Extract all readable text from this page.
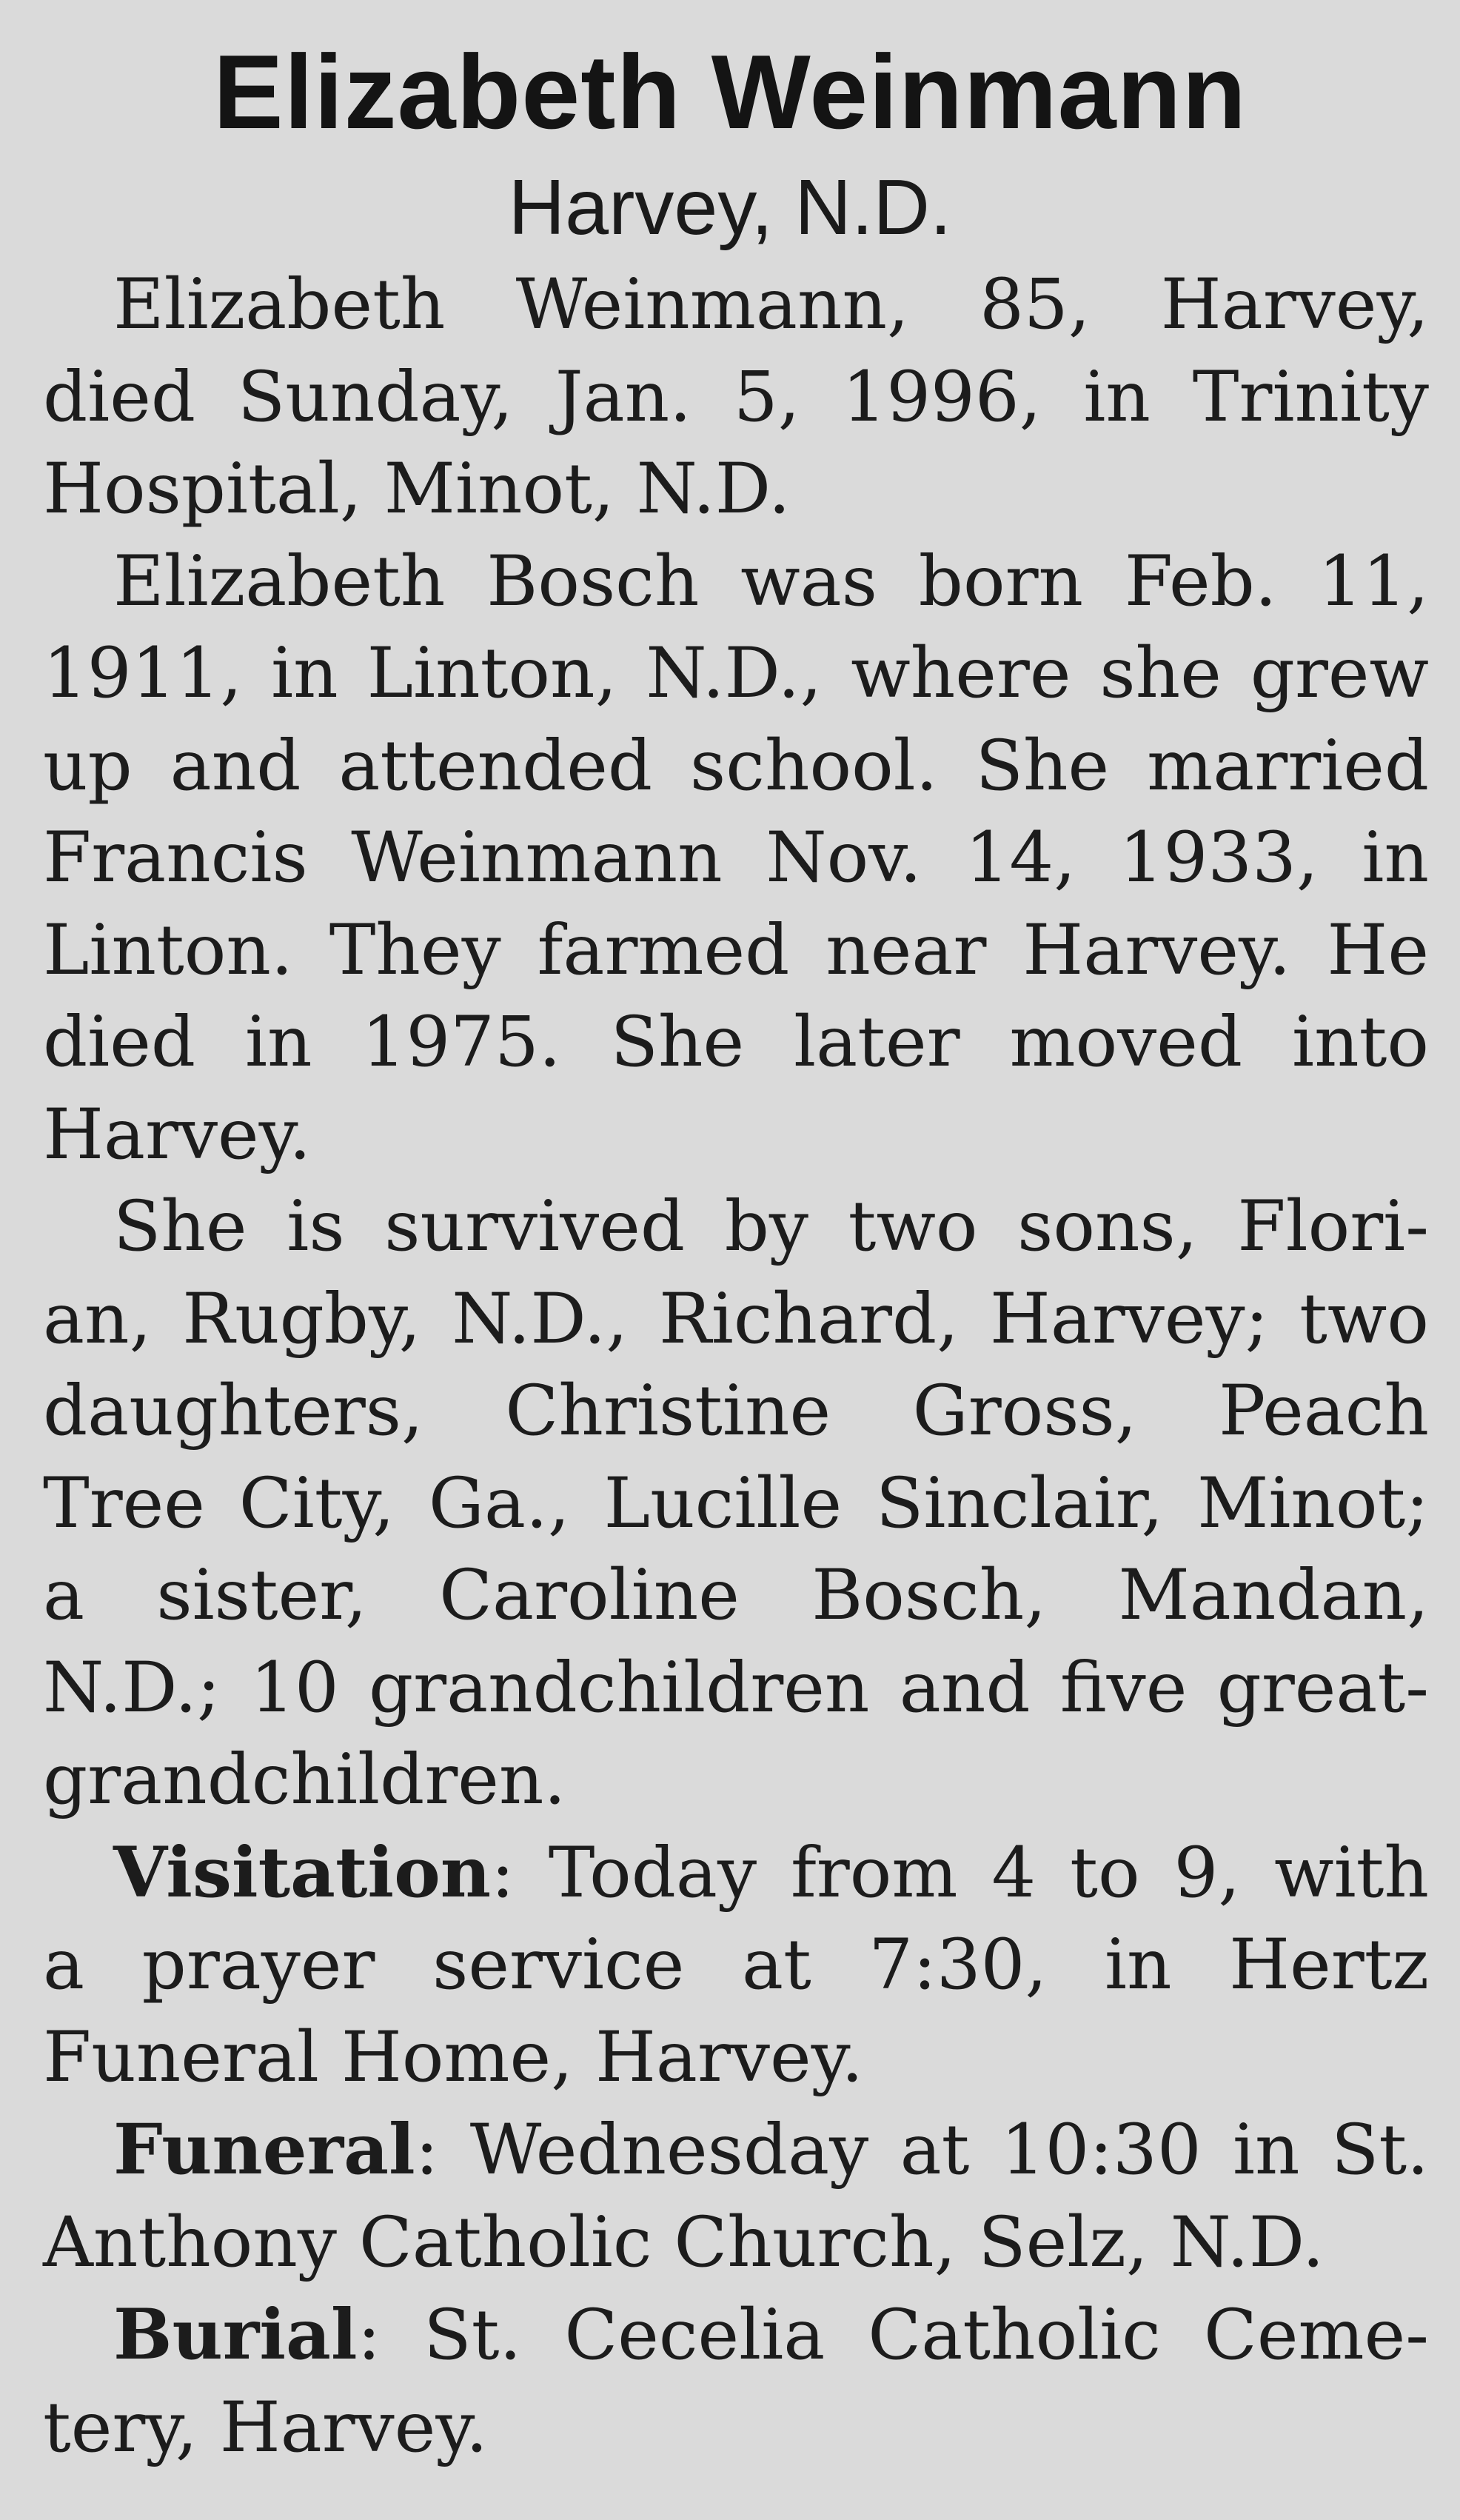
Elizabeth Weinmann
Harvey, N.D.

Elizabeth Weinmann, 85, Harvey,
died Sunday, Jan. 5, 1996, in Trinity
Hospital, Minot, N.D.

Elizabeth Bosch was born Feb. 11,
1911, in Linton, N.D., where she grew
up and attended school. She married
Francis Weinmann Nov. 14, 1933, in
Linton. They farmed near Harvey. He
died in 1975. She later moved into
Harvey.

She is survived by two sons, Flori-
an, Rugby, N.D., Richard, Harvey; two
daughters, Christine Gross, Peach
Tree City, Ga., Lucille Sinclair, Minot;
a sister, Caroline Bosch, Mandan,
N.D.; 10 grandchildren and five great-
grandchildren.

Visitation: Today from 4 to 9, with
a prayer service at 7:30, in Hertz
Funeral Home, Harvey.

Funeral: Wednesday at 10:30 in St.
Anthony Catholic Church, Selz, N.D.

Burial: St. Cecelia Catholic Ceme-
tery, Harvey.
